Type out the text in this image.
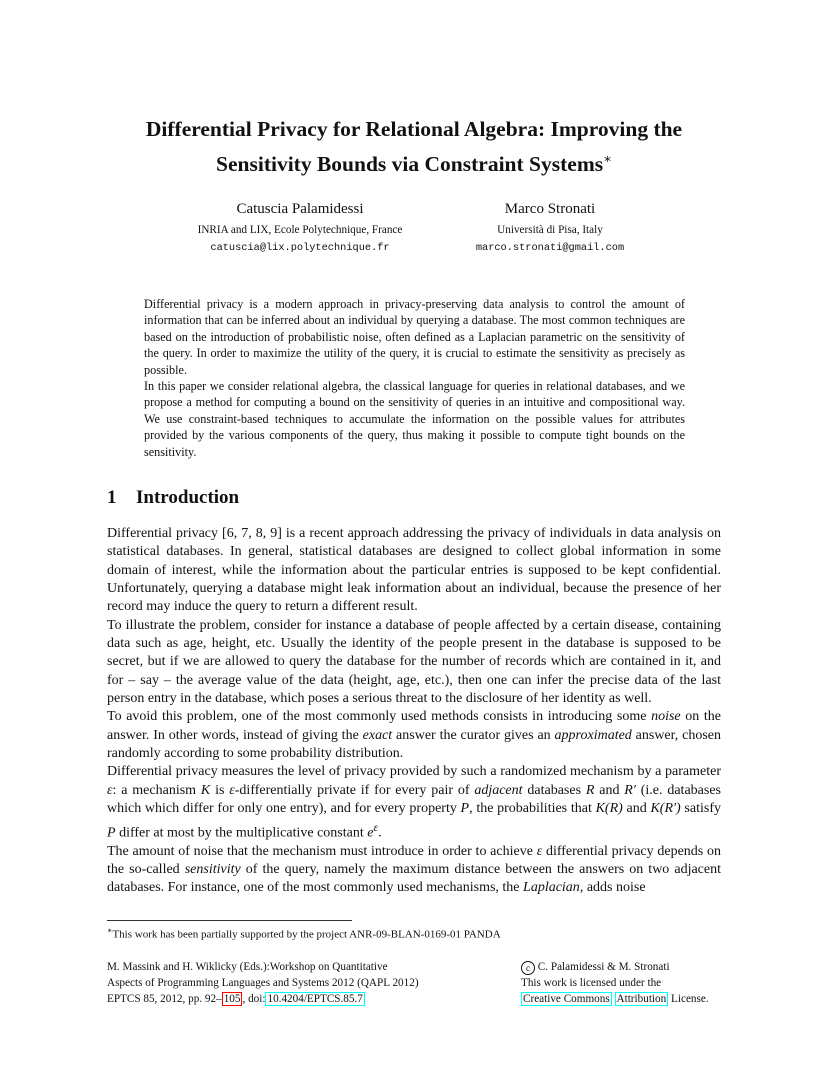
Differential Privacy for Relational Algebra: Improving the
Sensitivity Bounds via Constraint Systems∗
Catuscia Palamidessi
INRIA and LIX, Ecole Polytechnique, France
catuscia@lix.polytechnique.fr
Marco Stronati
Università di Pisa, Italy
marco.stronati@gmail.com

Differential privacy is a modern approach in privacy-preserving data analysis to control the amount of information that can be inferred about an individual by querying a database. The most common techniques are based on the introduction of probabilistic noise, often defined as a Laplacian parametric on the sensitivity of the query. In order to maximize the utility of the query, it is crucial to estimate the sensitivity as precisely as possible.

In this paper we consider relational algebra, the classical language for queries in relational databases, and we propose a method for computing a bound on the sensitivity of queries in an intuitive and compositional way. We use constraint-based techniques to accumulate the information on the possible values for attributes provided by the various components of the query, thus making it possible to compute tight bounds on the sensitivity.

1 Introduction

Differential privacy [6, 7, 8, 9] is a recent approach addressing the privacy of individuals in data analysis on statistical databases. In general, statistical databases are designed to collect global information in some domain of interest, while the information about the particular entries is supposed to be kept confidential. Unfortunately, querying a database might leak information about an individual, because the presence of her record may induce the query to return a different result.

To illustrate the problem, consider for instance a database of people affected by a certain disease, containing data such as age, height, etc. Usually the identity of the people present in the database is supposed to be secret, but if we are allowed to query the database for the number of records which are contained in it, and for – say – the average value of the data (height, age, etc.), then one can infer the precise data of the last person entry in the database, which poses a serious threat to the disclosure of her identity as well.

To avoid this problem, one of the most commonly used methods consists in introducing some noise on the answer. In other words, instead of giving the exact answer the curator gives an approximated answer, chosen randomly according to some probability distribution.

Differential privacy measures the level of privacy provided by such a randomized mechanism by a parameter ε: a mechanism K is ε-differentially private if for every pair of adjacent databases R and R′ (i.e. databases which which differ for only one entry), and for every property P, the probabilities that K(R) and K(R′) satisfy P differ at most by the multiplicative constant $e^\varepsilon$.

The amount of noise that the mechanism must introduce in order to achieve ε differential privacy depends on the so-called sensitivity of the query, namely the maximum distance between the answers on two adjacent databases. For instance, one of the most commonly used mechanisms, the Laplacian, adds noise

∗This work has been partially supported by the project ANR-09-BLAN-0169-01 PANDA
M. Massink and H. Wiklicky (Eds.):Workshop on Quantitative
Aspects of Programming Languages and Systems 2012 (QAPL 2012)
EPTCS 85, 2012, pp. 92– 105 , doi: 10.4204/EPTCS.85.7
c C. Palamidessi & M. Stronati
This work is licensed under the
Creative Commons Attribution License.
